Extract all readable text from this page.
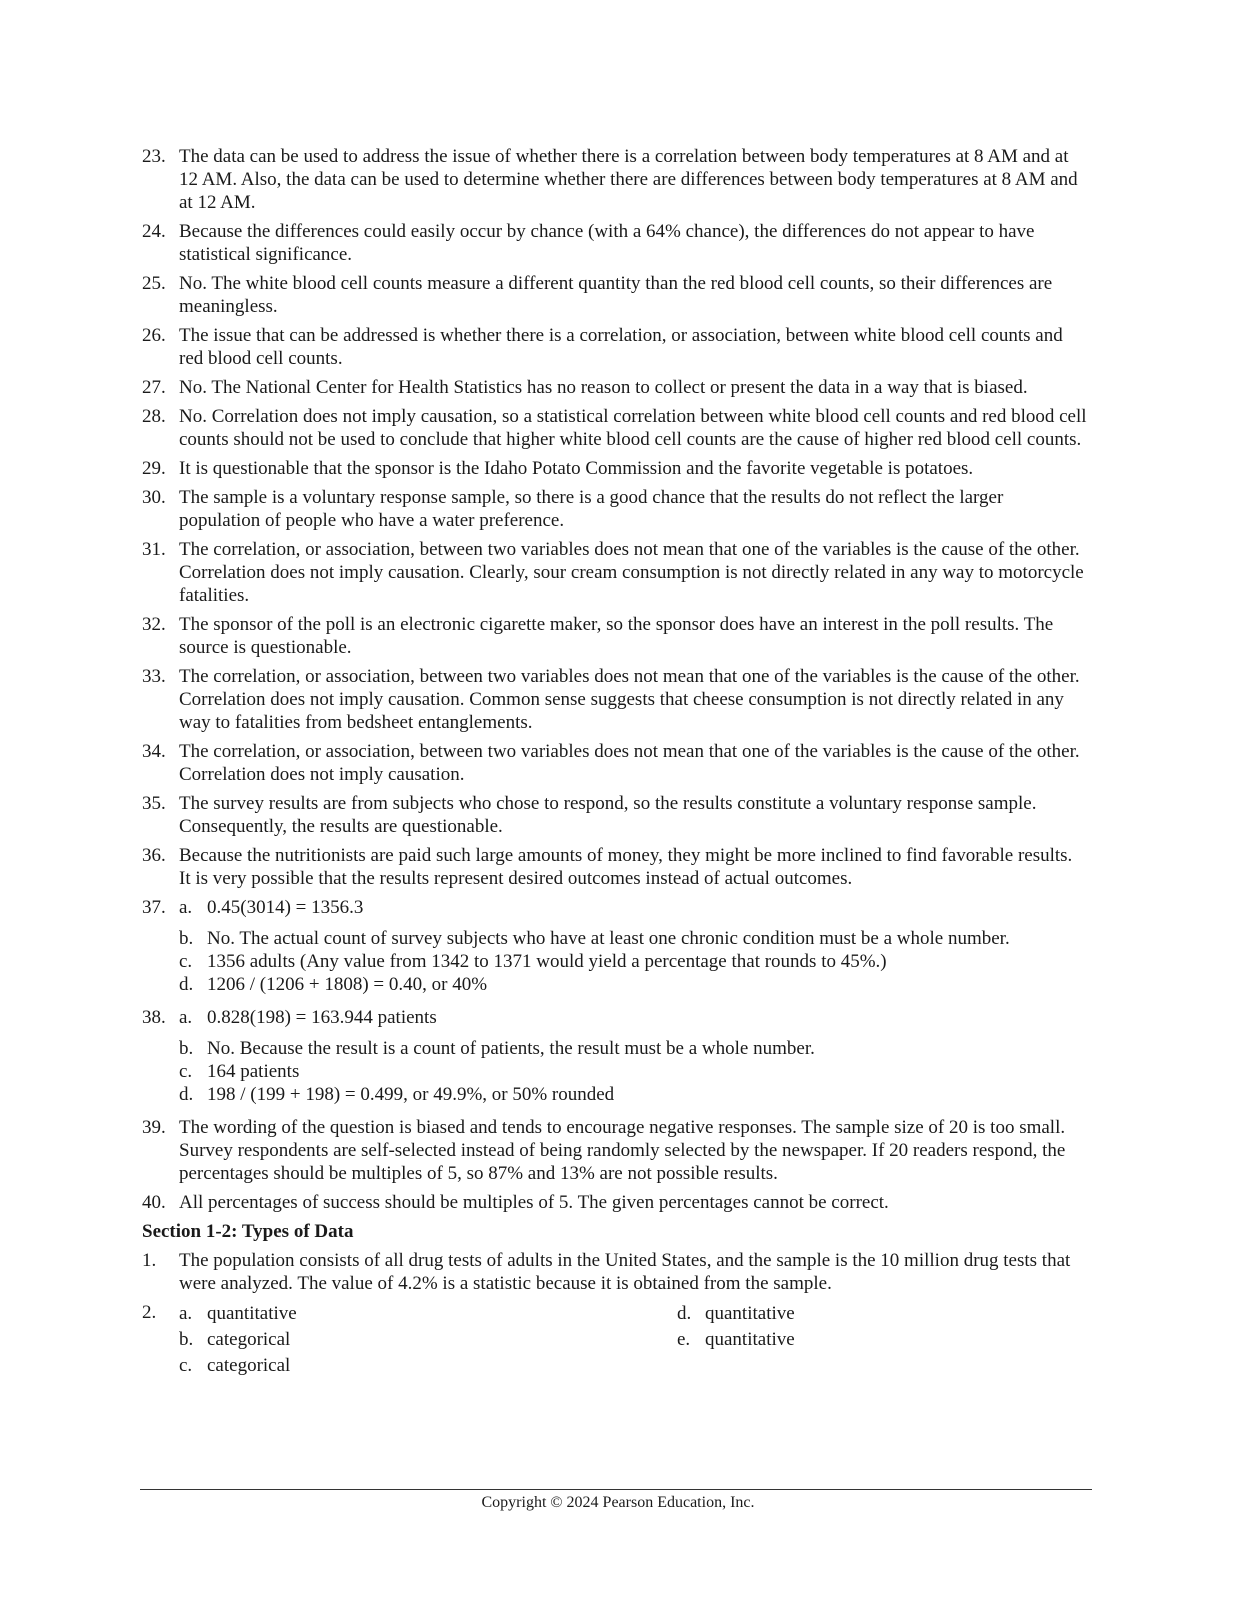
23. The data can be used to address the issue of whether there is a correlation between body temperatures at 8 AM and at 12 AM. Also, the data can be used to determine whether there are differences between body temperatures at 8 AM and at 12 AM.
24. Because the differences could easily occur by chance (with a 64% chance), the differences do not appear to have statistical significance.
25. No. The white blood cell counts measure a different quantity than the red blood cell counts, so their differences are meaningless.
26. The issue that can be addressed is whether there is a correlation, or association, between white blood cell counts and red blood cell counts.
27. No. The National Center for Health Statistics has no reason to collect or present the data in a way that is biased.
28. No. Correlation does not imply causation, so a statistical correlation between white blood cell counts and red blood cell counts should not be used to conclude that higher white blood cell counts are the cause of higher red blood cell counts.
29. It is questionable that the sponsor is the Idaho Potato Commission and the favorite vegetable is potatoes.
30. The sample is a voluntary response sample, so there is a good chance that the results do not reflect the larger population of people who have a water preference.
31. The correlation, or association, between two variables does not mean that one of the variables is the cause of the other. Correlation does not imply causation. Clearly, sour cream consumption is not directly related in any way to motorcycle fatalities.
32. The sponsor of the poll is an electronic cigarette maker, so the sponsor does have an interest in the poll results. The source is questionable.
33. The correlation, or association, between two variables does not mean that one of the variables is the cause of the other. Correlation does not imply causation. Common sense suggests that cheese consumption is not directly related in any way to fatalities from bedsheet entanglements.
34. The correlation, or association, between two variables does not mean that one of the variables is the cause of the other. Correlation does not imply causation.
35. The survey results are from subjects who chose to respond, so the results constitute a voluntary response sample. Consequently, the results are questionable.
36. Because the nutritionists are paid such large amounts of money, they might be more inclined to find favorable results. It is very possible that the results represent desired outcomes instead of actual outcomes.
37. a. 0.45(3014) = 1356.3
b. No. The actual count of survey subjects who have at least one chronic condition must be a whole number.
c. 1356 adults (Any value from 1342 to 1371 would yield a percentage that rounds to 45%.)
d. 1206 / (1206 + 1808) = 0.40, or 40%
38. a. 0.828(198) = 163.944 patients
b. No. Because the result is a count of patients, the result must be a whole number.
c. 164 patients
d. 198 / (199 + 198) = 0.499, or 49.9%, or 50% rounded
39. The wording of the question is biased and tends to encourage negative responses. The sample size of 20 is too small. Survey respondents are self-selected instead of being randomly selected by the newspaper. If 20 readers respond, the percentages should be multiples of 5, so 87% and 13% are not possible results.
40. All percentages of success should be multiples of 5. The given percentages cannot be correct.
Section 1-2: Types of Data
1.	The population consists of all drug tests of adults in the United States, and the sample is the 10 million drug tests that were analyzed. The value of 4.2% is a statistic because it is obtained from the sample.
2.	a. quantitative	d. quantitative
b. categorical	e. quantitative
c. categorical
Copyright © 2024 Pearson Education, Inc.
